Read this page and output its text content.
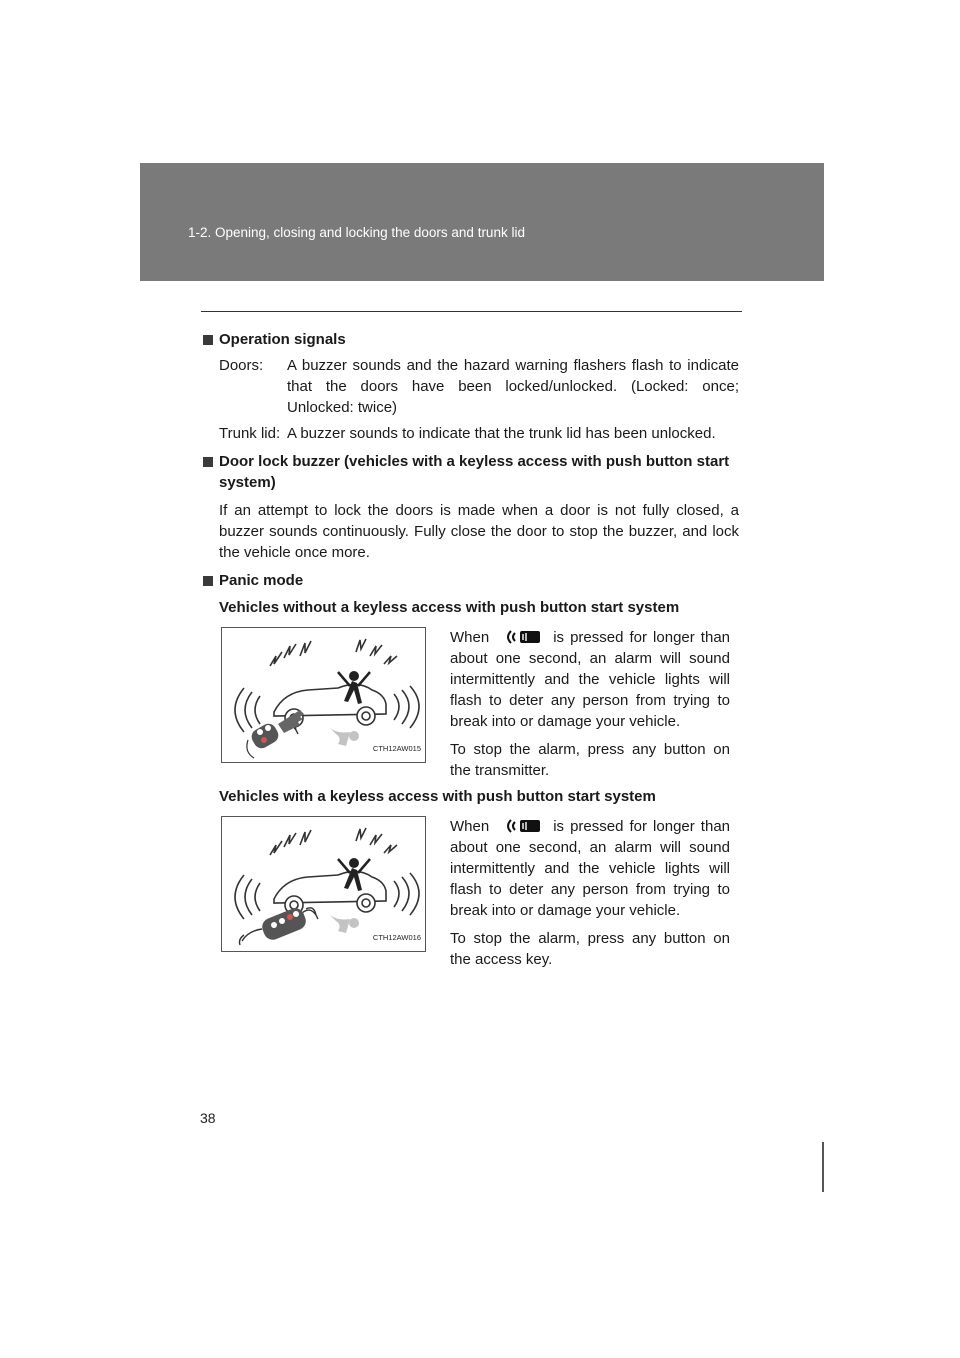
1-2. Opening, closing and locking the doors and trunk lid
Operation signals
Doors:	A buzzer sounds and the hazard warning flashers flash to indicate that the doors have been locked/unlocked. (Locked: once; Unlocked: twice)
Trunk lid: A buzzer sounds to indicate that the trunk lid has been unlocked.
Door lock buzzer (vehicles with a keyless access with push button start system)
If an attempt to lock the doors is made when a door is not fully closed, a buzzer sounds continuously. Fully close the door to stop the buzzer, and lock the vehicle once more.
Panic mode
Vehicles without a keyless access with push button start system
CTH12AW015

When	is pressed for longer than about one second, an alarm will sound intermittently and the vehicle lights will flash to deter any person from trying to break into or damage your vehicle.

To stop the alarm, press any button on the transmitter.

Vehicles with a keyless access with push button start system
CTH12AW016

When	is pressed for longer than about one second, an alarm will sound intermittently and the vehicle lights will flash to deter any person from trying to break into or damage your vehicle.

To stop the alarm, press any button on the access key.

38
